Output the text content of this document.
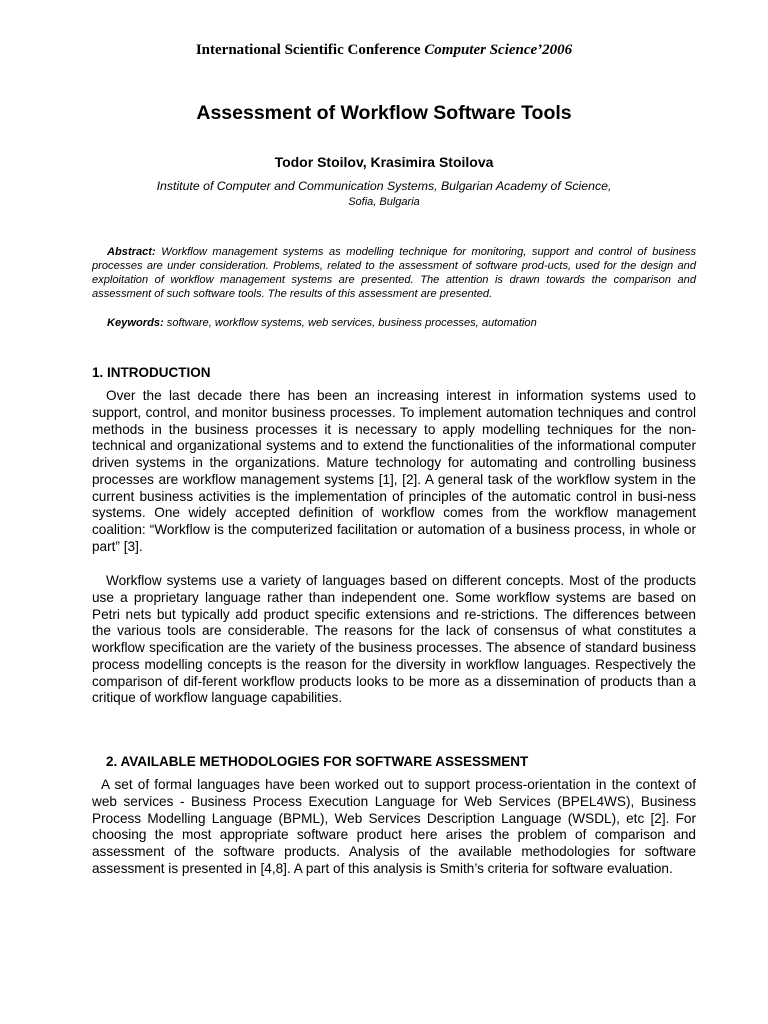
International Scientific Conference Computer Science’2006
Assessment of Workflow Software Tools
Todor Stoilov, Krasimira Stoilova
Institute of Computer and Communication Systems, Bulgarian Academy of Science,
Sofia, Bulgaria
Abstract: Workflow management systems as modelling technique for monitoring, support and control of business processes are under consideration. Problems, related to the assessment of software prod-ucts, used for the design and exploitation of workflow management systems are presented. The attention is drawn towards the comparison and assessment of such software tools. The results of this assessment are presented.
Keywords: software, workflow systems, web services, business processes, automation
1. INTRODUCTION

Over the last decade there has been an increasing interest in information systems used to support, control, and monitor business processes. To implement automation techniques and control methods in the business processes it is necessary to apply modelling techniques for the non-technical and organizational systems and to extend the functionalities of the informational computer driven systems in the organizations. Mature technology for automating and controlling business processes are workflow management systems [1], [2]. A general task of the workflow system in the current business activities is the implementation of principles of the automatic control in busi-ness systems. One widely accepted definition of workflow comes from the workflow management coalition: “Workflow is the computerized facilitation or automation of a business process, in whole or part” [3].

Workflow systems use a variety of languages based on different concepts. Most of the products use a proprietary language rather than independent one. Some workflow systems are based on Petri nets but typically add product specific extensions and re-strictions. The differences between the various tools are considerable. The reasons for the lack of consensus of what constitutes a workflow specification are the variety of the business processes. The absence of standard business process modelling concepts is the reason for the diversity in workflow languages. Respectively the comparison of dif-ferent workflow products looks to be more as a dissemination of products than a critique of workflow language capabilities.

2. AVAILABLE METHODOLOGIES FOR SOFTWARE ASSESSMENT

A set of formal languages have been worked out to support process-orientation in the context of web services - Business Process Execution Language for Web Services (BPEL4WS), Business Process Modelling Language (BPML), Web Services Description Language (WSDL), etc [2]. For choosing the most appropriate software product here arises the problem of comparison and assessment of the software products. Analysis of the available methodologies for software assessment is presented in [4,8]. A part of this analysis is Smith’s criteria for software evaluation.
